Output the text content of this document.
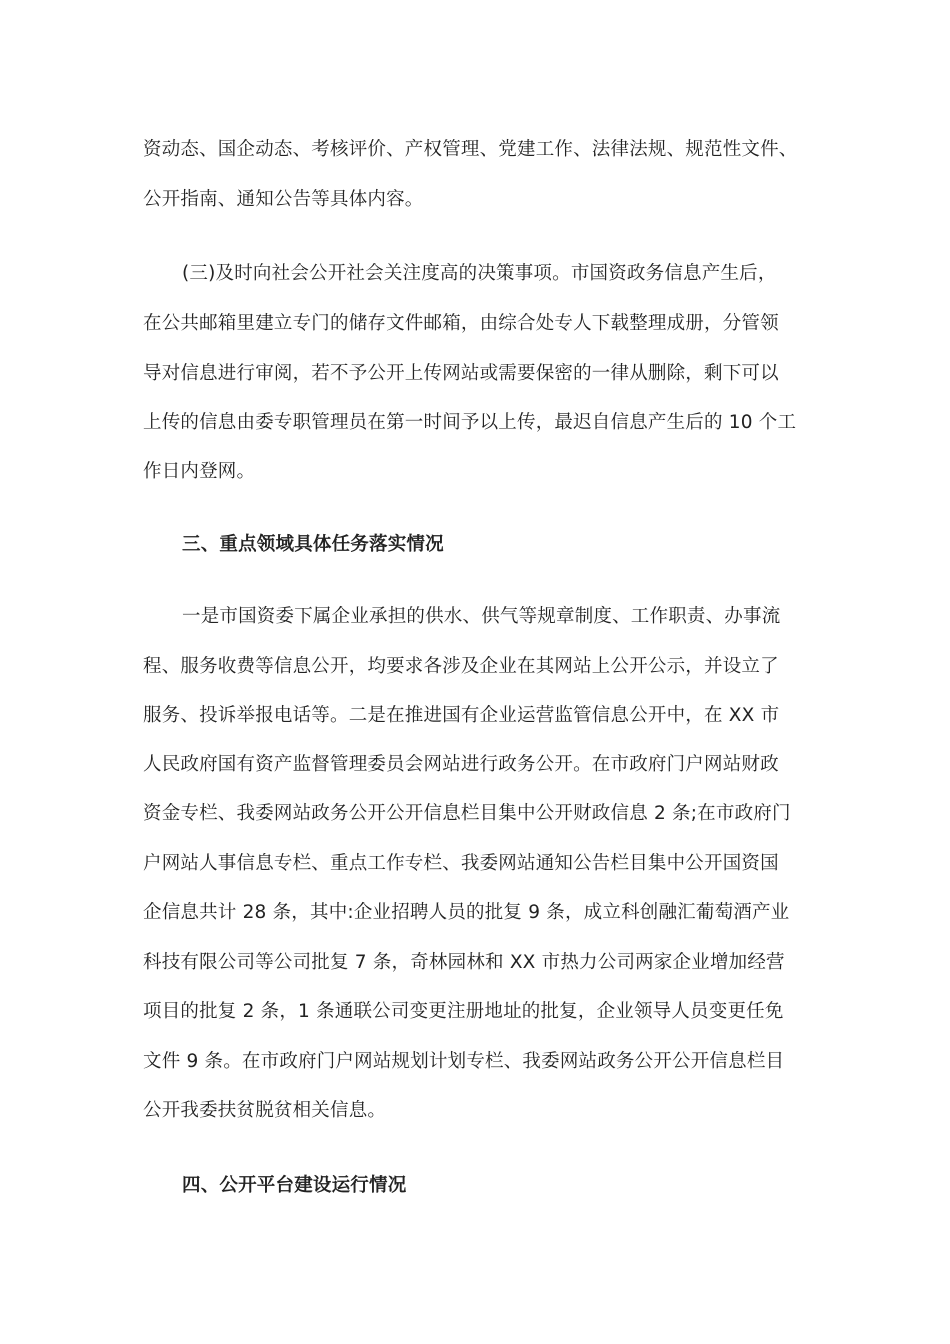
资动态、国企动态、考核评价、产权管理、党建工作、法律法规、规范性文件、
公开指南、通知公告等具体内容。
(三)及时向社会公开社会关注度高的决策事项。市国资政务信息产生后，
在公共邮箱里建立专门的储存文件邮箱，由综合处专人下载整理成册，分管领
导对信息进行审阅，若不予公开上传网站或需要保密的一律从删除，剩下可以
上传的信息由委专职管理员在第一时间予以上传，最迟自信息产生后的 10 个工
作日内登网。
三、重点领域具体任务落实情况
一是市国资委下属企业承担的供水、供气等规章制度、工作职责、办事流
程、服务收费等信息公开，均要求各涉及企业在其网站上公开公示，并设立了
服务、投诉举报电话等。二是在推进国有企业运营监管信息公开中，在 XX 市
人民政府国有资产监督管理委员会网站进行政务公开。在市政府门户网站财政
资金专栏、我委网站政务公开公开信息栏目集中公开财政信息 2 条;在市政府门
户网站人事信息专栏、重点工作专栏、我委网站通知公告栏目集中公开国资国
企信息共计 28 条，其中:企业招聘人员的批复 9 条，成立科创融汇葡萄酒产业
科技有限公司等公司批复 7 条，奇林园林和 XX 市热力公司两家企业增加经营
项目的批复 2 条，1 条通联公司变更注册地址的批复，企业领导人员变更任免
文件 9 条。在市政府门户网站规划计划专栏、我委网站政务公开公开信息栏目
公开我委扶贫脱贫相关信息。
四、公开平台建设运行情况
